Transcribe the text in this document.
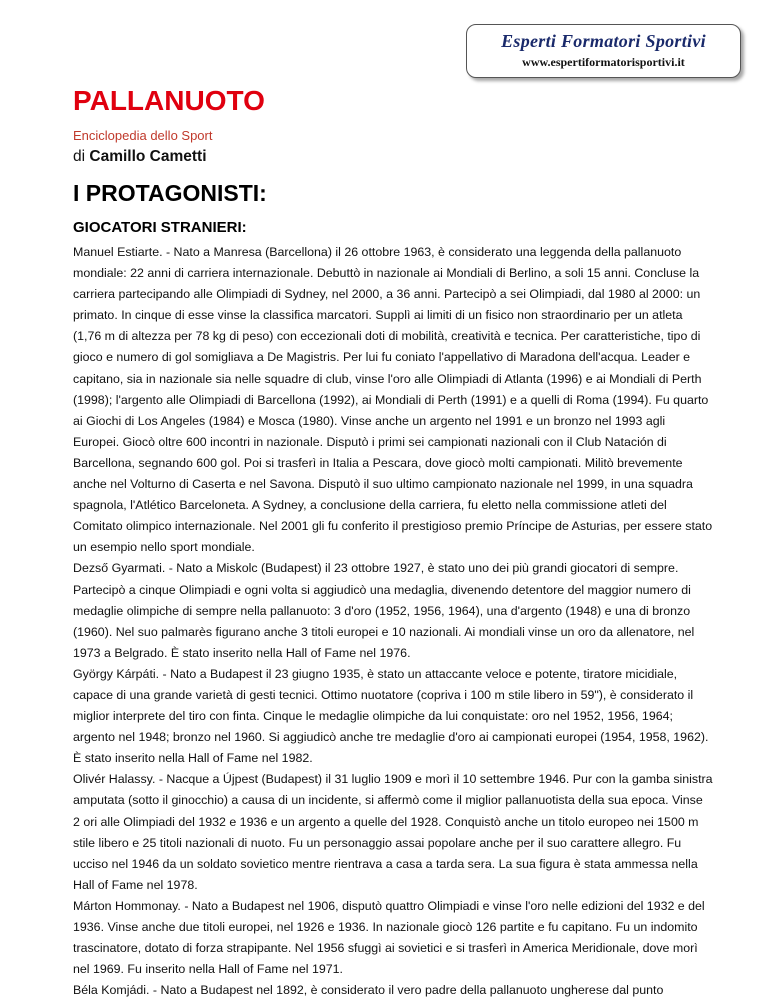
Esperti Formatori Sportivi
www.espertiformatorisportivi.it
PALLANUOTO
Enciclopedia dello Sport
di Camillo Cametti
I PROTAGONISTI:
GIOCATORI STRANIERI:

Manuel Estiarte. - Nato a Manresa (Barcellona) il 26 ottobre 1963, è considerato una leggenda della pallanuoto mondiale: 22 anni di carriera internazionale. Debuttò in nazionale ai Mondiali di Berlino, a soli 15 anni. Concluse la carriera partecipando alle Olimpiadi di Sydney, nel 2000, a 36 anni. Partecipò a sei Olimpiadi, dal 1980 al 2000: un primato. In cinque di esse vinse la classifica marcatori. Supplì ai limiti di un fisico non straordinario per un atleta (1,76 m di altezza per 78 kg di peso) con eccezionali doti di mobilità, creatività e tecnica. Per caratteristiche, tipo di gioco e numero di gol somigliava a De Magistris. Per lui fu coniato l'appellativo di Maradona dell'acqua. Leader e capitano, sia in nazionale sia nelle squadre di club, vinse l'oro alle Olimpiadi di Atlanta (1996) e ai Mondiali di Perth (1998); l'argento alle Olimpiadi di Barcellona (1992), ai Mondiali di Perth (1991) e a quelli di Roma (1994). Fu quarto ai Giochi di Los Angeles (1984) e Mosca (1980). Vinse anche un argento nel 1991 e un bronzo nel 1993 agli Europei. Giocò oltre 600 incontri in nazionale. Disputò i primi sei campionati nazionali con il Club Natación di Barcellona, segnando 600 gol. Poi si trasferì in Italia a Pescara, dove giocò molti campionati. Militò brevemente anche nel Volturno di Caserta e nel Savona. Disputò il suo ultimo campionato nazionale nel 1999, in una squadra spagnola, l'Atlético Barceloneta. A Sydney, a conclusione della carriera, fu eletto nella commissione atleti del Comitato olimpico internazionale. Nel 2001 gli fu conferito il prestigioso premio Príncipe de Asturias, per essere stato un esempio nello sport mondiale.

Dezső Gyarmati. - Nato a Miskolc (Budapest) il 23 ottobre 1927, è stato uno dei più grandi giocatori di sempre. Partecipò a cinque Olimpiadi e ogni volta si aggiudicò una medaglia, divenendo detentore del maggior numero di medaglie olimpiche di sempre nella pallanuoto: 3 d'oro (1952, 1956, 1964), una d'argento (1948) e una di bronzo (1960). Nel suo palmarès figurano anche 3 titoli europei e 10 nazionali. Ai mondiali vinse un oro da allenatore, nel 1973 a Belgrado. È stato inserito nella Hall of Fame nel 1976.

György Kárpáti. - Nato a Budapest il 23 giugno 1935, è stato un attaccante veloce e potente, tiratore micidiale, capace di una grande varietà di gesti tecnici. Ottimo nuotatore (copriva i 100 m stile libero in 59"), è considerato il miglior interprete del tiro con finta. Cinque le medaglie olimpiche da lui conquistate: oro nel 1952, 1956, 1964; argento nel 1948; bronzo nel 1960. Si aggiudicò anche tre medaglie d'oro ai campionati europei (1954, 1958, 1962). È stato inserito nella Hall of Fame nel 1982.

Olivér Halassy. - Nacque a Újpest (Budapest) il 31 luglio 1909 e morì il 10 settembre 1946. Pur con la gamba sinistra amputata (sotto il ginocchio) a causa di un incidente, si affermò come il miglior pallanuotista della sua epoca. Vinse 2 ori alle Olimpiadi del 1932 e 1936 e un argento a quelle del 1928. Conquistò anche un titolo europeo nei 1500 m stile libero e 25 titoli nazionali di nuoto. Fu un personaggio assai popolare anche per il suo carattere allegro. Fu ucciso nel 1946 da un soldato sovietico mentre rientrava a casa a tarda sera. La sua figura è stata ammessa nella Hall of Fame nel 1978.

Márton Hommonay. - Nato a Budapest nel 1906, disputò quattro Olimpiadi e vinse l'oro nelle edizioni del 1932 e del 1936. Vinse anche due titoli europei, nel 1926 e 1936. In nazionale giocò 126 partite e fu capitano. Fu un indomito trascinatore, dotato di forza strapipante. Nel 1956 sfuggì ai sovietici e si trasferì in America Meridionale, dove morì nel 1969. Fu inserito nella Hall of Fame nel 1971.

Béla Komjádi. - Nato a Budapest nel 1892, è considerato il vero padre della pallanuoto ungherese dal punto
